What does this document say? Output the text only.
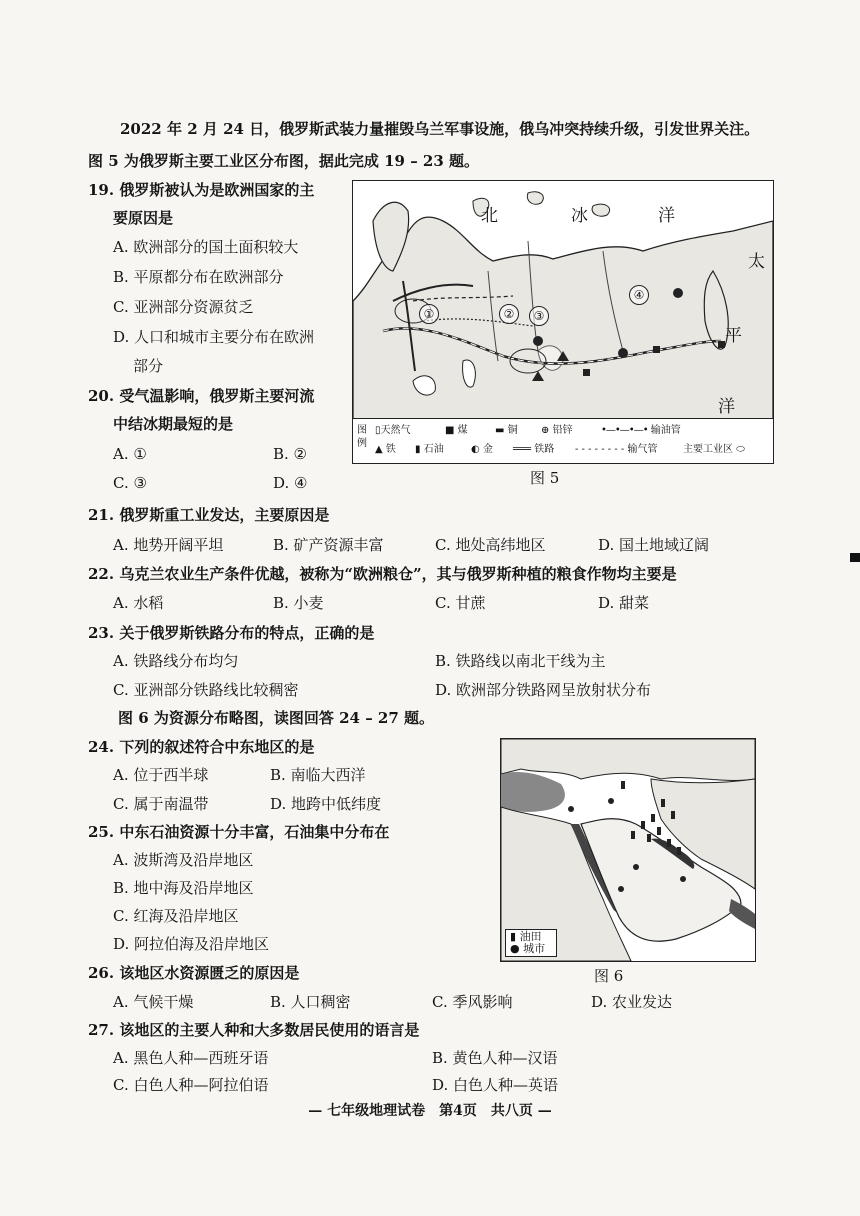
2022 年 2 月 24 日，俄罗斯武装力量摧毁乌兰军事设施，俄乌冲突持续升级，引发世界关注。
图 5 为俄罗斯主要工业区分布图，据此完成 19 – 23 题。
19. 俄罗斯被认为是欧洲国家的主
要原因是
A. 欧洲部分的国土面积较大
B. 平原都分布在欧洲部分
C. 亚洲部分资源贫乏
D. 人口和城市主要分布在欧洲
部分
20. 受气温影响，俄罗斯主要河流
中结冰期最短的是
A. ①	B. ②
C. ③	D. ④
北	冰	洋
太
平
洋
①	②	③
④
图例
▯天然气	■ 煤	▬ 铜 ⊕ 铅锌	•—•—•—• 输油管
▲ 铁 ▮ 石油	◐ 金 ═══ 铁路 - - - - - - - - 输气管	主要工业区 ⬭
图 5
21. 俄罗斯重工业发达，主要原因是
A. 地势开阔平坦	B. 矿产资源丰富	C. 地处高纬地区	D. 国土地域辽阔
22. 乌克兰农业生产条件优越，被称为“欧洲粮仓”，其与俄罗斯种植的粮食作物均主要是
A. 水稻	B. 小麦	C. 甘蔗	D. 甜菜
23. 关于俄罗斯铁路分布的特点，正确的是
A. 铁路线分布均匀	B. 铁路线以南北干线为主
C. 亚洲部分铁路线比较稠密	D. 欧洲部分铁路网呈放射状分布
图 6 为资源分布略图，读图回答 24 – 27 题。
24. 下列的叙述符合中东地区的是
A. 位于西半球	B. 南临大西洋
C. 属于南温带	D. 地跨中低纬度
25. 中东石油资源十分丰富，石油集中分布在
A. 波斯湾及沿岸地区
B. 地中海及沿岸地区
C. 红海及沿岸地区
D. 阿拉伯海及沿岸地区	▮ 油田
● 城市
图 6
26. 该地区水资源匮乏的原因是
A. 气候干燥	B. 人口稠密	C. 季风影响	D. 农业发达
27. 该地区的主要人种和大多数居民使用的语言是
A. 黑色人种—西班牙语	B. 黄色人种—汉语
C. 白色人种—阿拉伯语	D. 白色人种—英语
— 七年级地理试卷　第4页　共八页 —
